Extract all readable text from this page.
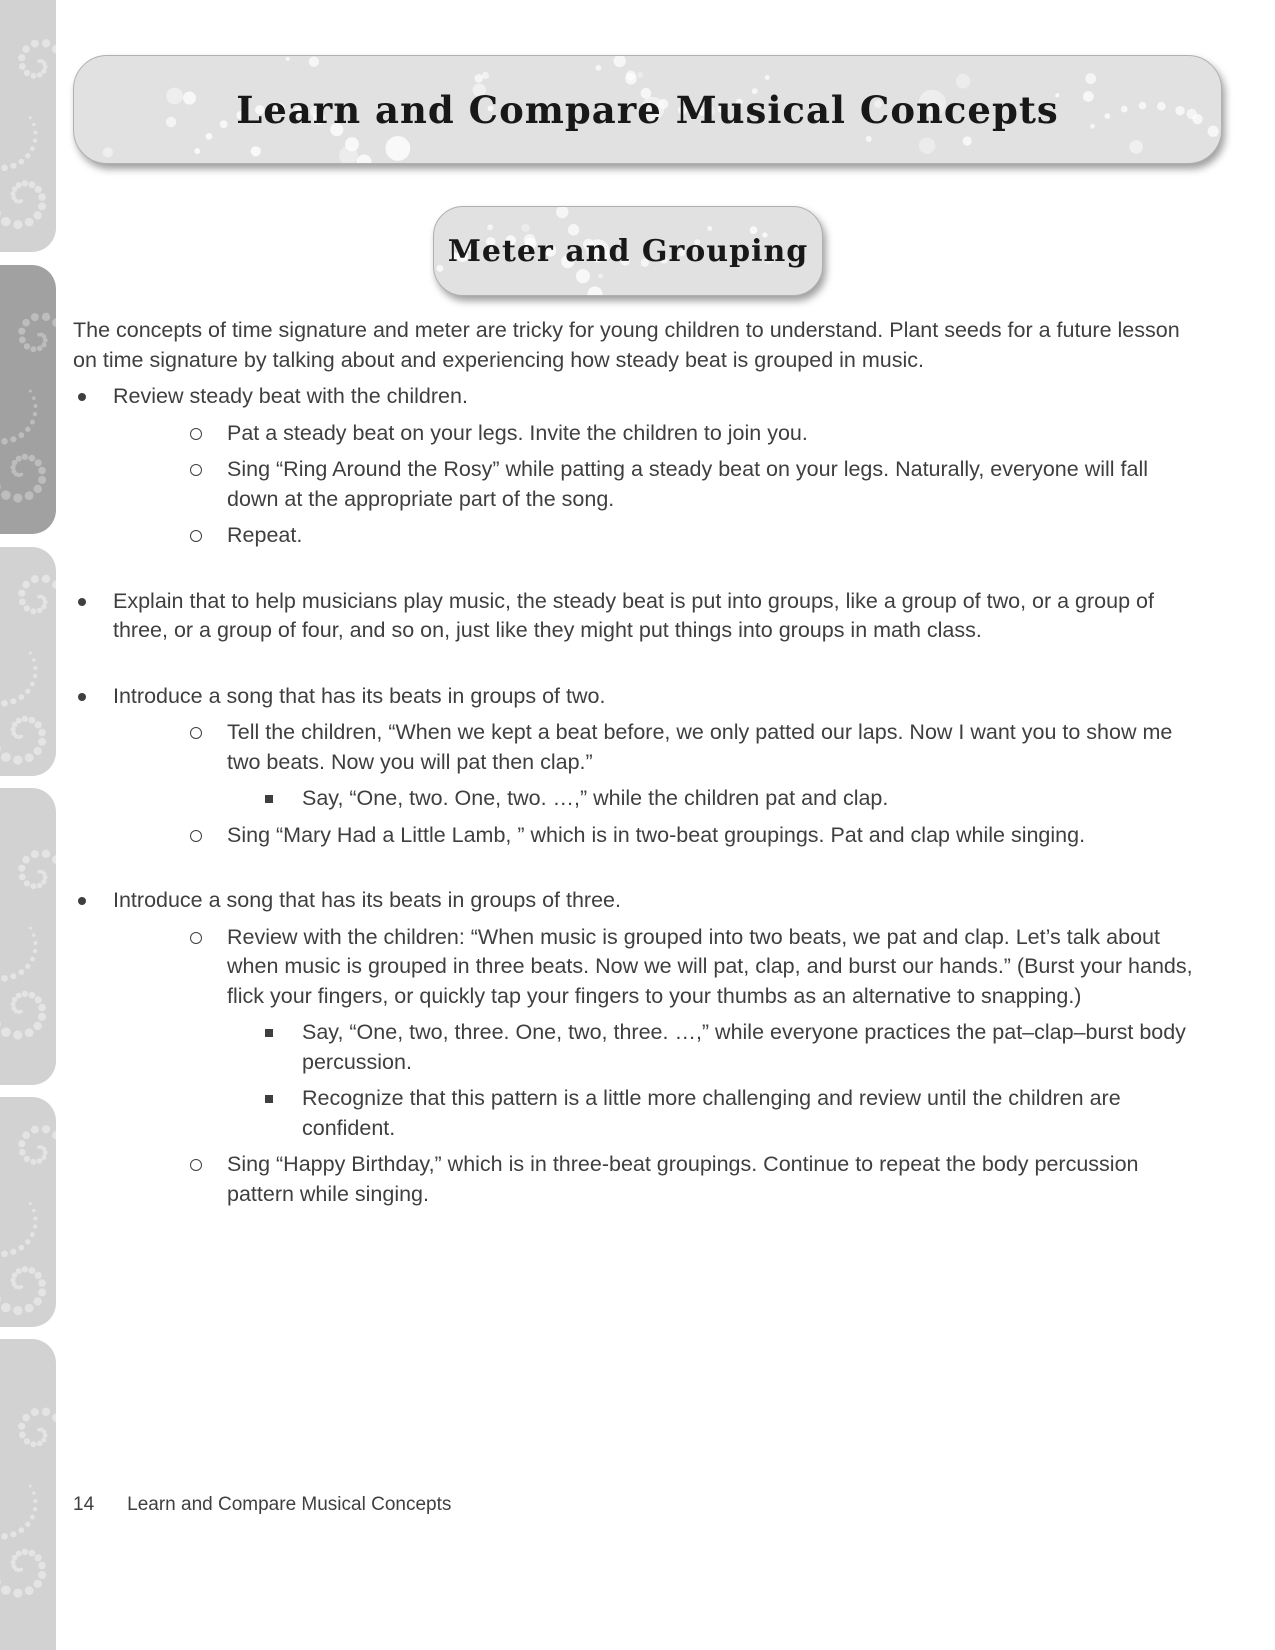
Learn and Compare Musical Concepts
Meter and Grouping

The concepts of time signature and meter are tricky for young children to understand. Plant seeds for a future lesson on time signature by talking about and experiencing how steady beat is grouped in music.

Review steady beat with the children.
Pat a steady beat on your legs. Invite the children to join you.
Sing “Ring Around the Rosy” while patting a steady beat on your legs. Naturally, everyone will fall down at the appropriate part of the song.
Repeat.
Explain that to help musicians play music, the steady beat is put into groups, like a group of two, or a group of three, or a group of four, and so on, just like they might put things into groups in math class.
Introduce a song that has its beats in groups of two.
Tell the children, “When we kept a beat before, we only patted our laps. Now I want you to show me two beats. Now you will pat then clap.”
Say, “One, two. One, two. …,” while the children pat and clap.
Sing “Mary Had a Little Lamb, ” which is in two-beat groupings. Pat and clap while singing.
Introduce a song that has its beats in groups of three.
Review with the children: “When music is grouped into two beats, we pat and clap. Let’s talk about when music is grouped in three beats. Now we will pat, clap, and burst our hands.” (Burst your hands, flick your fingers, or quickly tap your fingers to your thumbs as an alternative to snapping.)
Say, “One, two, three. One, two, three. …,” while everyone practices the pat–clap–burst body percussion.
Recognize that this pattern is a little more challenging and review until the children are confident.
Sing “Happy Birthday,” which is in three-beat groupings. Continue to repeat the body percussion pattern while singing.
14 Learn and Compare Musical Concepts
